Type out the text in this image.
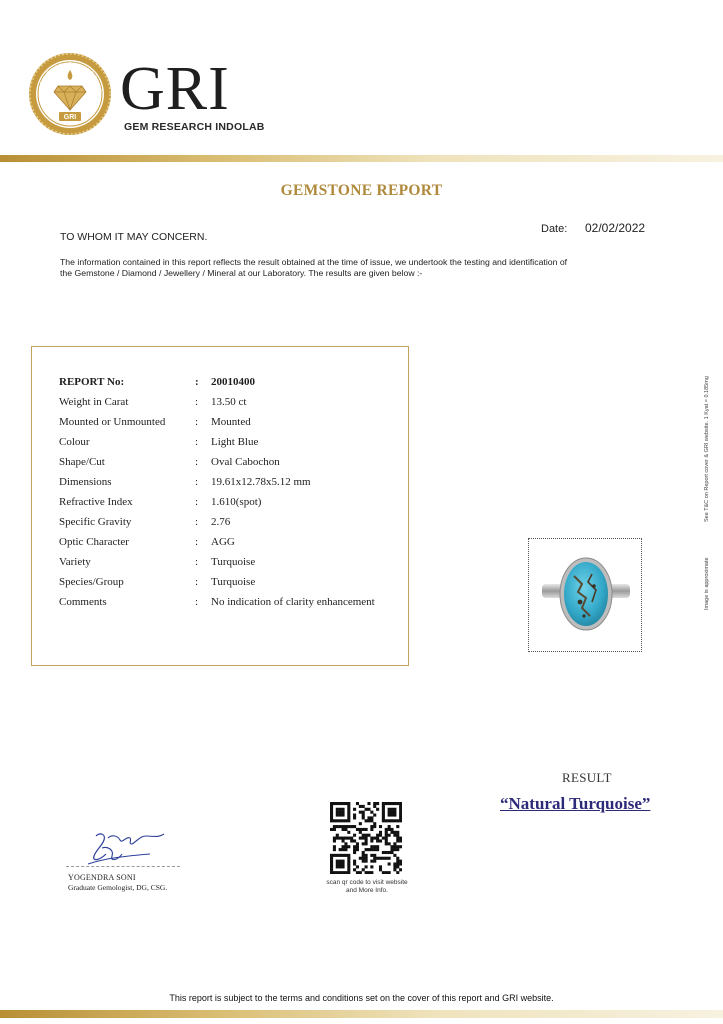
GEM RESEARCH INDOLAB
GRI GRI
GEM RESEARCH INDOLAB
GEMSTONE REPORT
Date: 02/02/2022
TO WHOM IT MAY CONCERN.
The information contained in this report reflects the result obtained at the time of issue, we undertook the testing and identification of the Gemstone / Diamond / Jewellery / Mineral at our Laboratory. The results are given below :-
REPORT No:	:	20010400
Weight in Carat	:	13.50 ct
Mounted or Unmounted	:	Mounted
Colour	:	Light Blue
Shape/Cut	:	Oval Cabochon
Dimensions	:	19.61x12.78x5.12 mm
Refractive Index	:	1.610(spot)
Specific Gravity	:	2.76
Optic Character	:	AGG
Variety	:	Turquoise
Species/Group	:	Turquoise
Comments	:	No indication of clarity enhancement
See T&C on Report cover & GRI website. 1 Kyat = 0.185mg
Image is approximate
RESULT
“Natural Turquoise”
scan qr code to visit website
and More Info.
YOGENDRA SONI
Graduate Gemologist, DG, CSG.
This report is subject to the terms and conditions set on the cover of this report and GRI website.
